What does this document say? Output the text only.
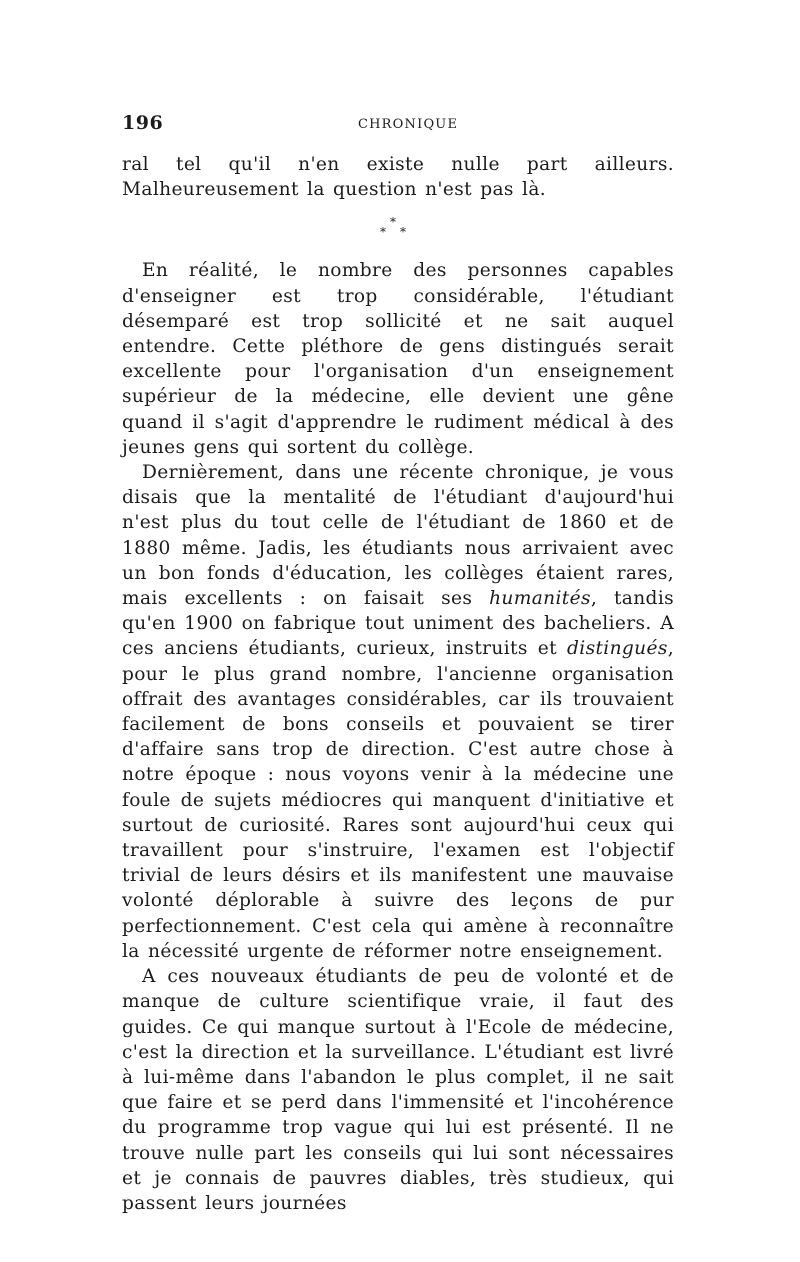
196	CHRONIQUE

ral tel qu'il n'en existe nulle part ailleurs. Malheureusement la question n'est pas là.

*
* *

En réalité, le nombre des personnes capables d'enseigner est trop considérable, l'étudiant désemparé est trop sollicité et ne sait auquel entendre. Cette pléthore de gens distingués serait excellente pour l'organisation d'un enseignement supérieur de la médecine, elle devient une gêne quand il s'agit d'apprendre le rudiment médical à des jeunes gens qui sortent du collège.

Dernièrement, dans une récente chronique, je vous disais que la mentalité de l'étudiant d'aujourd'hui n'est plus du tout celle de l'étudiant de 1860 et de 1880 même. Jadis, les étudiants nous arrivaient avec un bon fonds d'éducation, les collèges étaient rares, mais excellents : on faisait ses humanités, tandis qu'en 1900 on fabrique tout uniment des bacheliers. A ces anciens étudiants, curieux, instruits et distingués, pour le plus grand nombre, l'ancienne organisation offrait des avantages considérables, car ils trouvaient facilement de bons conseils et pouvaient se tirer d'affaire sans trop de direction. C'est autre chose à notre époque : nous voyons venir à la médecine une foule de sujets médiocres qui manquent d'initiative et surtout de curiosité. Rares sont aujourd'hui ceux qui travaillent pour s'instruire, l'examen est l'objectif trivial de leurs désirs et ils manifestent une mauvaise volonté déplorable à suivre des leçons de pur perfectionnement. C'est cela qui amène à reconnaître la nécessité urgente de réformer notre enseignement.

A ces nouveaux étudiants de peu de volonté et de manque de culture scientifique vraie, il faut des guides. Ce qui manque surtout à l'Ecole de médecine, c'est la direction et la surveillance. L'étudiant est livré à lui-même dans l'abandon le plus complet, il ne sait que faire et se perd dans l'immensité et l'incohérence du programme trop vague qui lui est présenté. Il ne trouve nulle part les conseils qui lui sont nécessaires et je connais de pauvres diables, très studieux, qui passent leurs journées
